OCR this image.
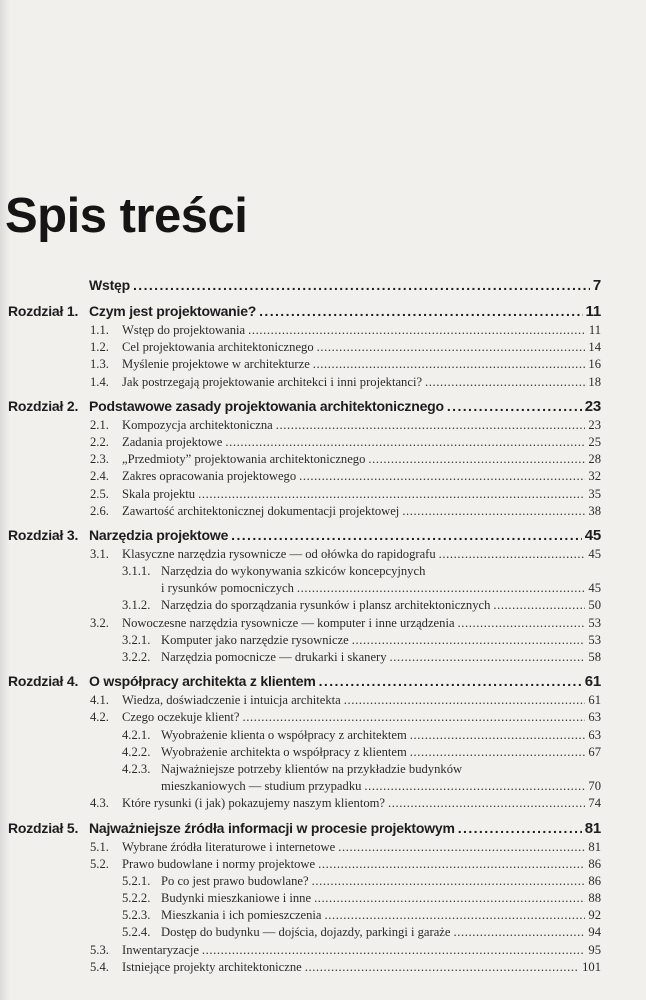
Spis treści
Wstęp .....	7
Rozdział 1. Czym jest projektowanie? .....	11
1.1. Wstęp do projektowania .....	11
1.2. Cel projektowania architektonicznego .....	14
1.3. Myślenie projektowe w architekturze .....	16
1.4. Jak postrzegają projektowanie architekci i inni projektanci? .....	18
Rozdział 2. Podstawowe zasady projektowania architektonicznego .....	23
2.1. Kompozycja architektoniczna .....	23
2.2. Zadania projektowe .....	25
2.3. „Przedmioty” projektowania architektonicznego .....	28
2.4. Zakres opracowania projektowego .....	32
2.5. Skala projektu .....	35
2.6. Zawartość architektonicznej dokumentacji projektowej .....	38
Rozdział 3. Narzędzia projektowe .....	45
3.1. Klasyczne narzędzia rysownicze — od ołówka do rapidografu .....	45
3.1.1. Narzędzia do wykonywania szkiców koncepcyjnych
i rysunków pomocniczych .....	45
3.1.2. Narzędzia do sporządzania rysunków i plansz architektonicznych .....	50
3.2. Nowoczesne narzędzia rysownicze — komputer i inne urządzenia .....	53
3.2.1. Komputer jako narzędzie rysownicze .....	53
3.2.2. Narzędzia pomocnicze — drukarki i skanery .....	58
Rozdział 4. O współpracy architekta z klientem .....	61
4.1. Wiedza, doświadczenie i intuicja architekta .....	61
4.2. Czego oczekuje klient? .....	63
4.2.1. Wyobrażenie klienta o współpracy z architektem .....	63
4.2.2. Wyobrażenie architekta o współpracy z klientem .....	67
4.2.3. Najważniejsze potrzeby klientów na przykładzie budynków
mieszkaniowych — studium przypadku .....	70
4.3. Które rysunki (i jak) pokazujemy naszym klientom? .....	74
Rozdział 5. Najważniejsze źródła informacji w procesie projektowym .....	81
5.1. Wybrane źródła literaturowe i internetowe .....	81
5.2. Prawo budowlane i normy projektowe .....	86
5.2.1. Po co jest prawo budowlane? .....	86
5.2.2. Budynki mieszkaniowe i inne .....	88
5.2.3. Mieszkania i ich pomieszczenia .....	92
5.2.4. Dostęp do budynku — dojścia, dojazdy, parkingi i garaże .....	94
5.3. Inwentaryzacje .....	95
5.4. Istniejące projekty architektoniczne .....	101
